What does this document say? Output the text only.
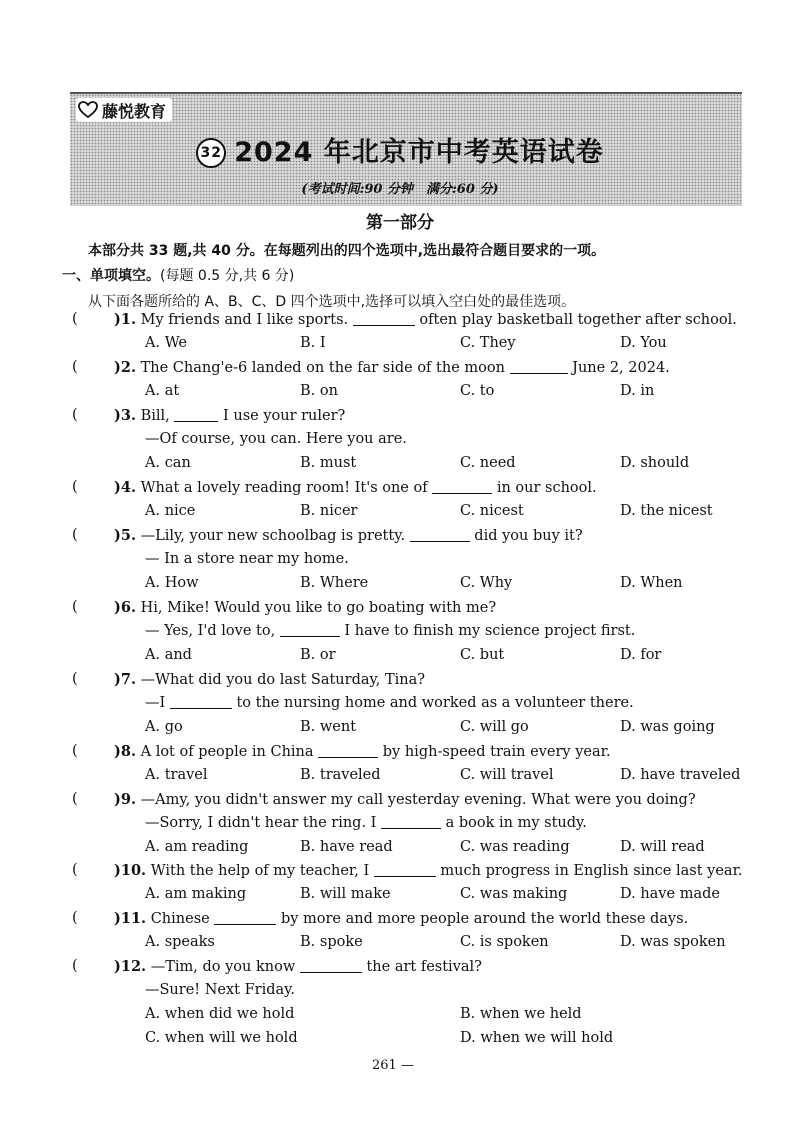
藤悦教育
32 2024 年北京市中考英语试卷
(考试时间:90 分钟　满分:60 分)
第一部分
本部分共 33 题,共 40 分。在每题列出的四个选项中,选出最符合题目要求的一项。
一、单项填空。(每题 0.5 分,共 6 分)
从下面各题所给的 A、B、C、D 四个选项中,选择可以填入空白处的最佳选项。
(	)1. My friends and I like sports.	often play basketball together after school.
A. We	B. I	C. They	D. You
(	)2. The Chang'e-6 landed on the far side of the moon	June 2, 2024.
A. at	B. on	C. to	D. in
(	)3. Bill,	I use your ruler?
—Of course, you can. Here you are.
A. can	B. must	C. need	D. should
(	)4. What a lovely reading room! It's one of	in our school.
A. nice	B. nicer	C. nicest	D. the nicest
(	)5. —Lily, your new schoolbag is pretty.	did you buy it?
— In a store near my home.
A. How	B. Where	C. Why	D. When
(	)6. Hi, Mike! Would you like to go boating with me?
— Yes, I'd love to,	I have to finish my science project first.
A. and	B. or	C. but	D. for
(	)7. —What did you do last Saturday, Tina?
—I	to the nursing home and worked as a volunteer there.
A. go	B. went	C. will go	D. was going
(	)8. A lot of people in China	by high-speed train every year.
A. travel	B. traveled	C. will travel	D. have traveled
(	)9. —Amy, you didn't answer my call yesterday evening. What were you doing?
—Sorry, I didn't hear the ring. I	a book in my study.
A. am reading	B. have read	C. was reading	D. will read
(	)10. With the help of my teacher, I	much progress in English since last year.
A. am making	B. will make	C. was making	D. have made
(	)11. Chinese	by more and more people around the world these days.
A. speaks	B. spoke	C. is spoken	D. was spoken
(	)12. —Tim, do you know	the art festival?
—Sure! Next Friday.
A. when did we hold	B. when we held
C. when will we hold	D. when we will hold
261 —
